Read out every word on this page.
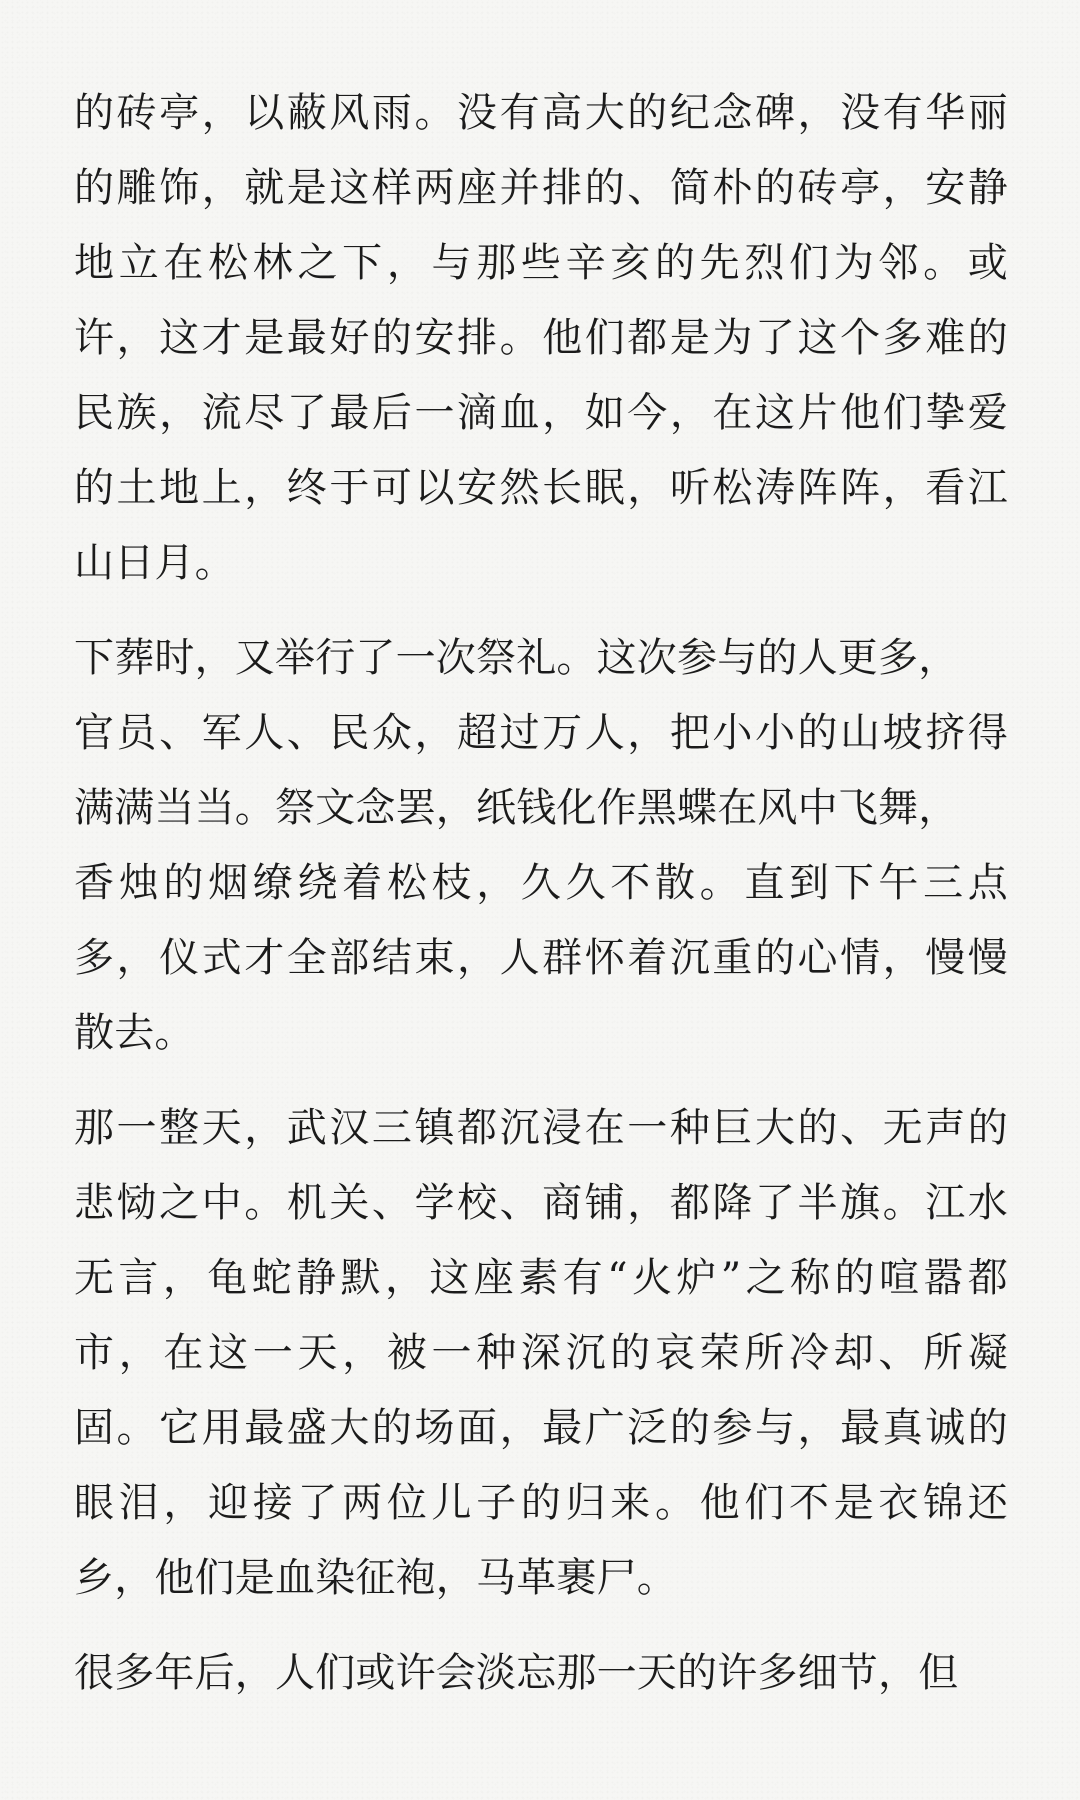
的砖亭，以蔽风雨。没有高大的纪念碑，没有华丽
的雕饰，就是这样两座并排的、简朴的砖亭，安静
地立在松林之下，与那些辛亥的先烈们为邻。或
许，这才是最好的安排。他们都是为了这个多难的
民族，流尽了最后一滴血，如今，在这片他们挚爱
的土地上，终于可以安然长眠，听松涛阵阵，看江
山日月。

下葬时，又举行了一次祭礼。这次参与的人更多，
官员、军人、民众，超过万人，把小小的山坡挤得
满满当当。祭文念罢，纸钱化作黑蝶在风中飞舞，
香烛的烟缭绕着松枝，久久不散。直到下午三点
多，仪式才全部结束，人群怀着沉重的心情，慢慢
散去。

那一整天，武汉三镇都沉浸在一种巨大的、无声的
悲恸之中。机关、学校、商铺，都降了半旗。江水
无言，龟蛇静默，这座素有“火炉”之称的喧嚣都
市，在这一天，被一种深沉的哀荣所冷却、所凝
固。它用最盛大的场面，最广泛的参与，最真诚的
眼泪，迎接了两位儿子的归来。他们不是衣锦还
乡，他们是血染征袍，马革裹尸。

很多年后，人们或许会淡忘那一天的许多细节，但
